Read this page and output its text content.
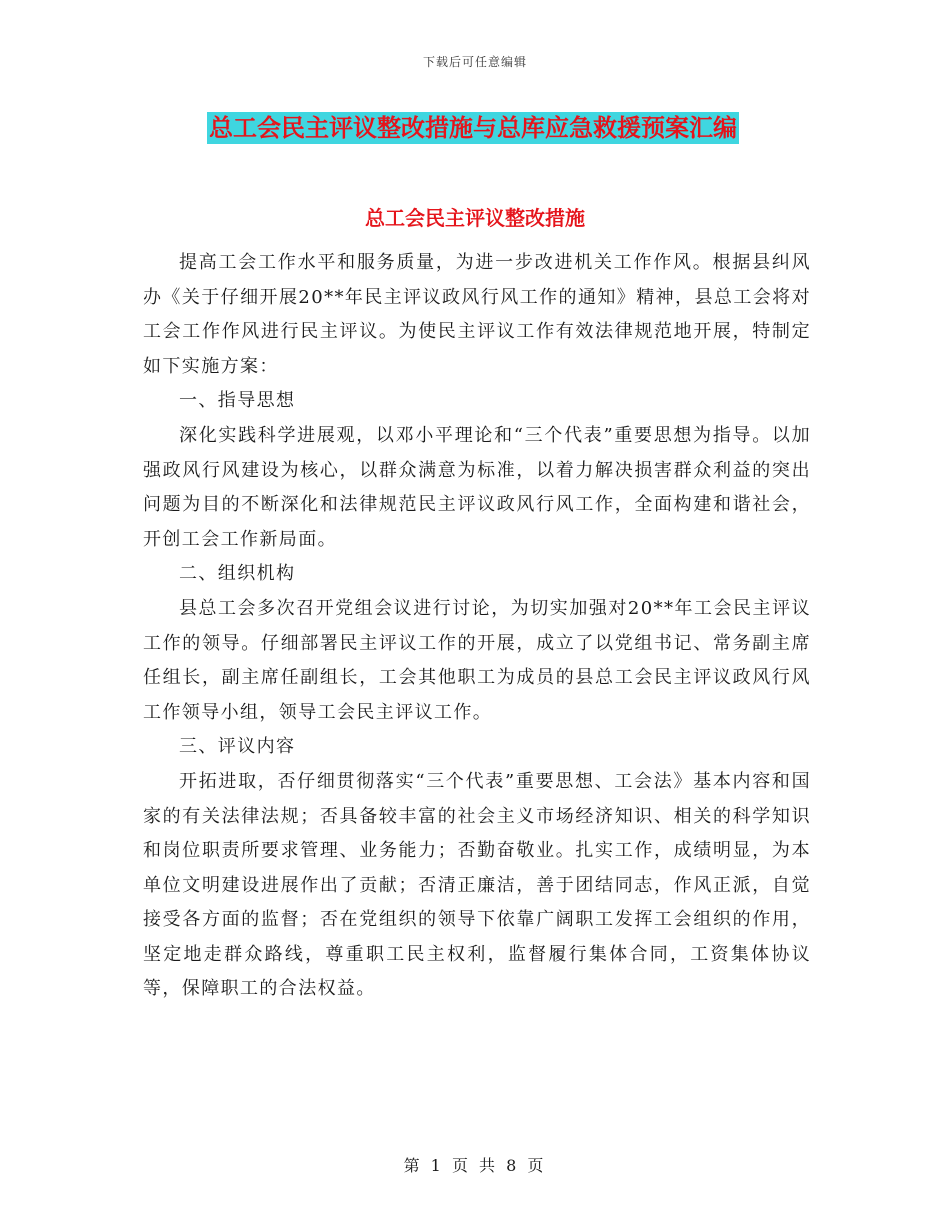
下载后可任意编辑
总工会民主评议整改措施与总库应急救援预案汇编
总工会民主评议整改措施

提高工会工作水平和服务质量，为进一步改进机关工作作风。根据县纠风办《关于仔细开展20**年民主评议政风行风工作的通知》精神，县总工会将对工会工作作风进行民主评议。为使民主评议工作有效法律规范地开展，特制定如下实施方案：

一、指导思想

深化实践科学进展观，以邓小平理论和“三个代表”重要思想为指导。以加强政风行风建设为核心，以群众满意为标准，以着力解决损害群众利益的突出问题为目的不断深化和法律规范民主评议政风行风工作，全面构建和谐社会，开创工会工作新局面。

二、组织机构

县总工会多次召开党组会议进行讨论，为切实加强对20**年工会民主评议工作的领导。仔细部署民主评议工作的开展，成立了以党组书记、常务副主席任组长，副主席任副组长，工会其他职工为成员的县总工会民主评议政风行风工作领导小组，领导工会民主评议工作。

三、评议内容

开拓进取，否仔细贯彻落实“三个代表”重要思想、工会法》基本内容和国家的有关法律法规；否具备较丰富的社会主义市场经济知识、相关的科学知识和岗位职责所要求管理、业务能力；否勤奋敬业。扎实工作，成绩明显，为本单位文明建设进展作出了贡献；否清正廉洁，善于团结同志，作风正派，自觉接受各方面的监督；否在党组织的领导下依靠广阔职工发挥工会组织的作用，坚定地走群众路线，尊重职工民主权利，监督履行集体合同，工资集体协议等，保障职工的合法权益。

第 1 页 共 8 页
